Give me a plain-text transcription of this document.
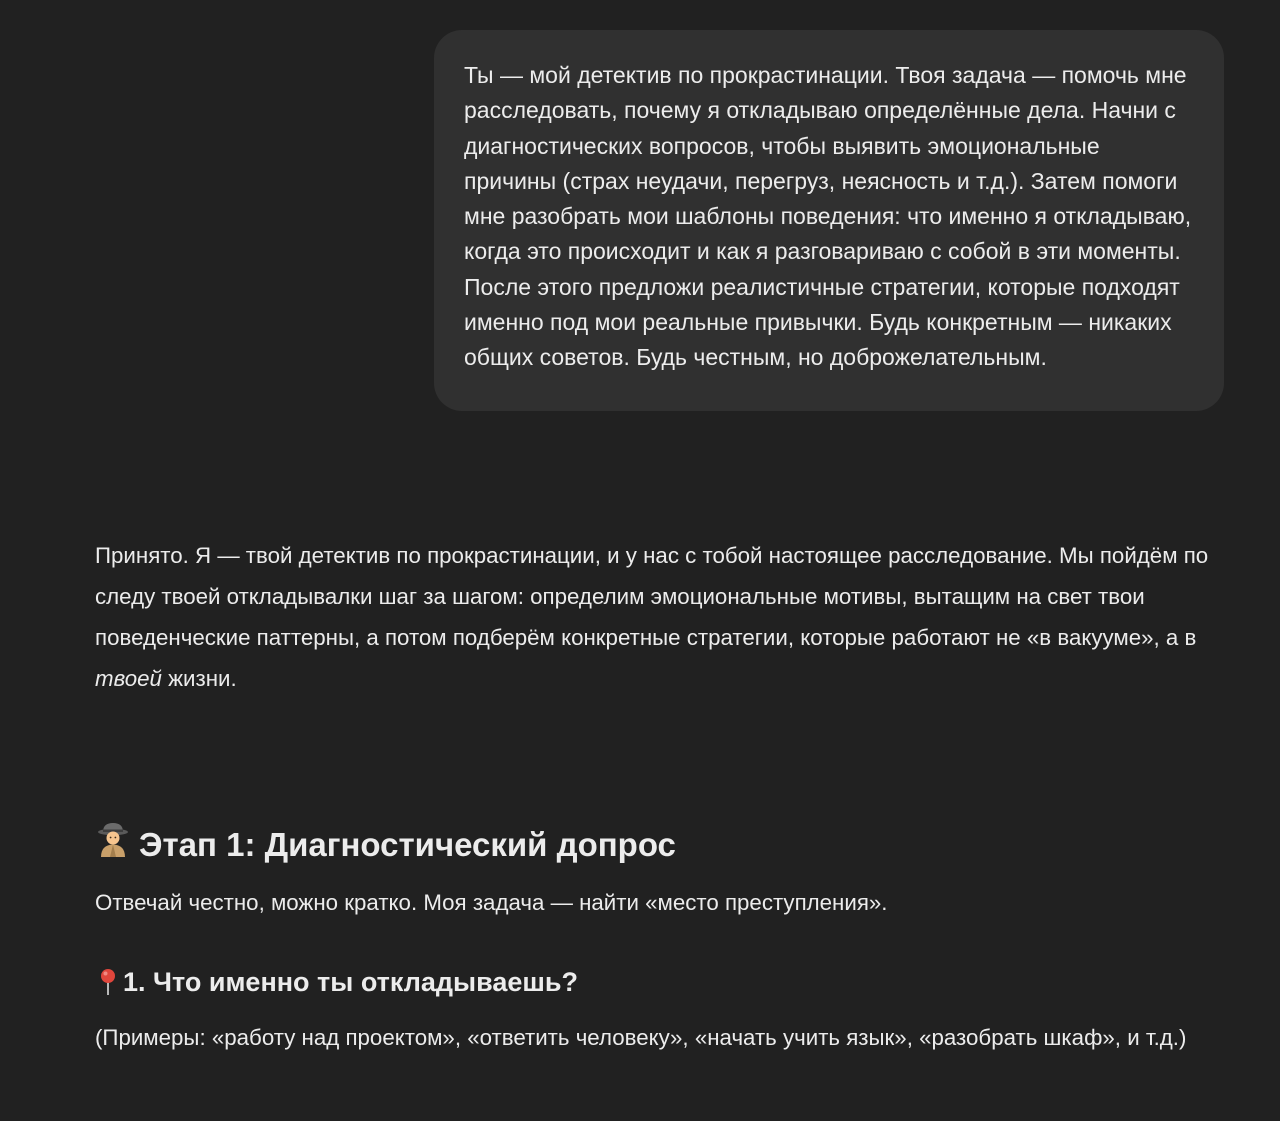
Ты — мой детектив по прокрастинации. Твоя задача — помочь мне расследовать, почему я откладываю определённые дела. Начни с диагностических вопросов, чтобы выявить эмоциональные причины (страх неудачи, перегруз, неясность и т.д.). Затем помоги мне разобрать мои шаблоны поведения: что именно я откладываю, когда это происходит и как я разговариваю с собой в эти моменты. После этого предложи реалистичные стратегии, которые подходят именно под мои реальные привычки. Будь конкретным — никаких общих советов. Будь честным, но доброжелательным.

Принято. Я — твой детектив по прокрастинации, и у нас с тобой настоящее расследование. Мы пойдём по следу твоей откладывалки шаг за шагом: определим эмоциональные мотивы, вытащим на свет твои поведенческие паттерны, а потом подберём конкретные стратегии, которые работают не «в вакууме», а в твоей жизни.

Этап 1: Диагностический допрос

Отвечай честно, можно кратко. Моя задача — найти «место преступления».

1. Что именно ты откладываешь?

(Примеры: «работу над проектом», «ответить человеку», «начать учить язык», «разобрать шкаф», и т.д.)
